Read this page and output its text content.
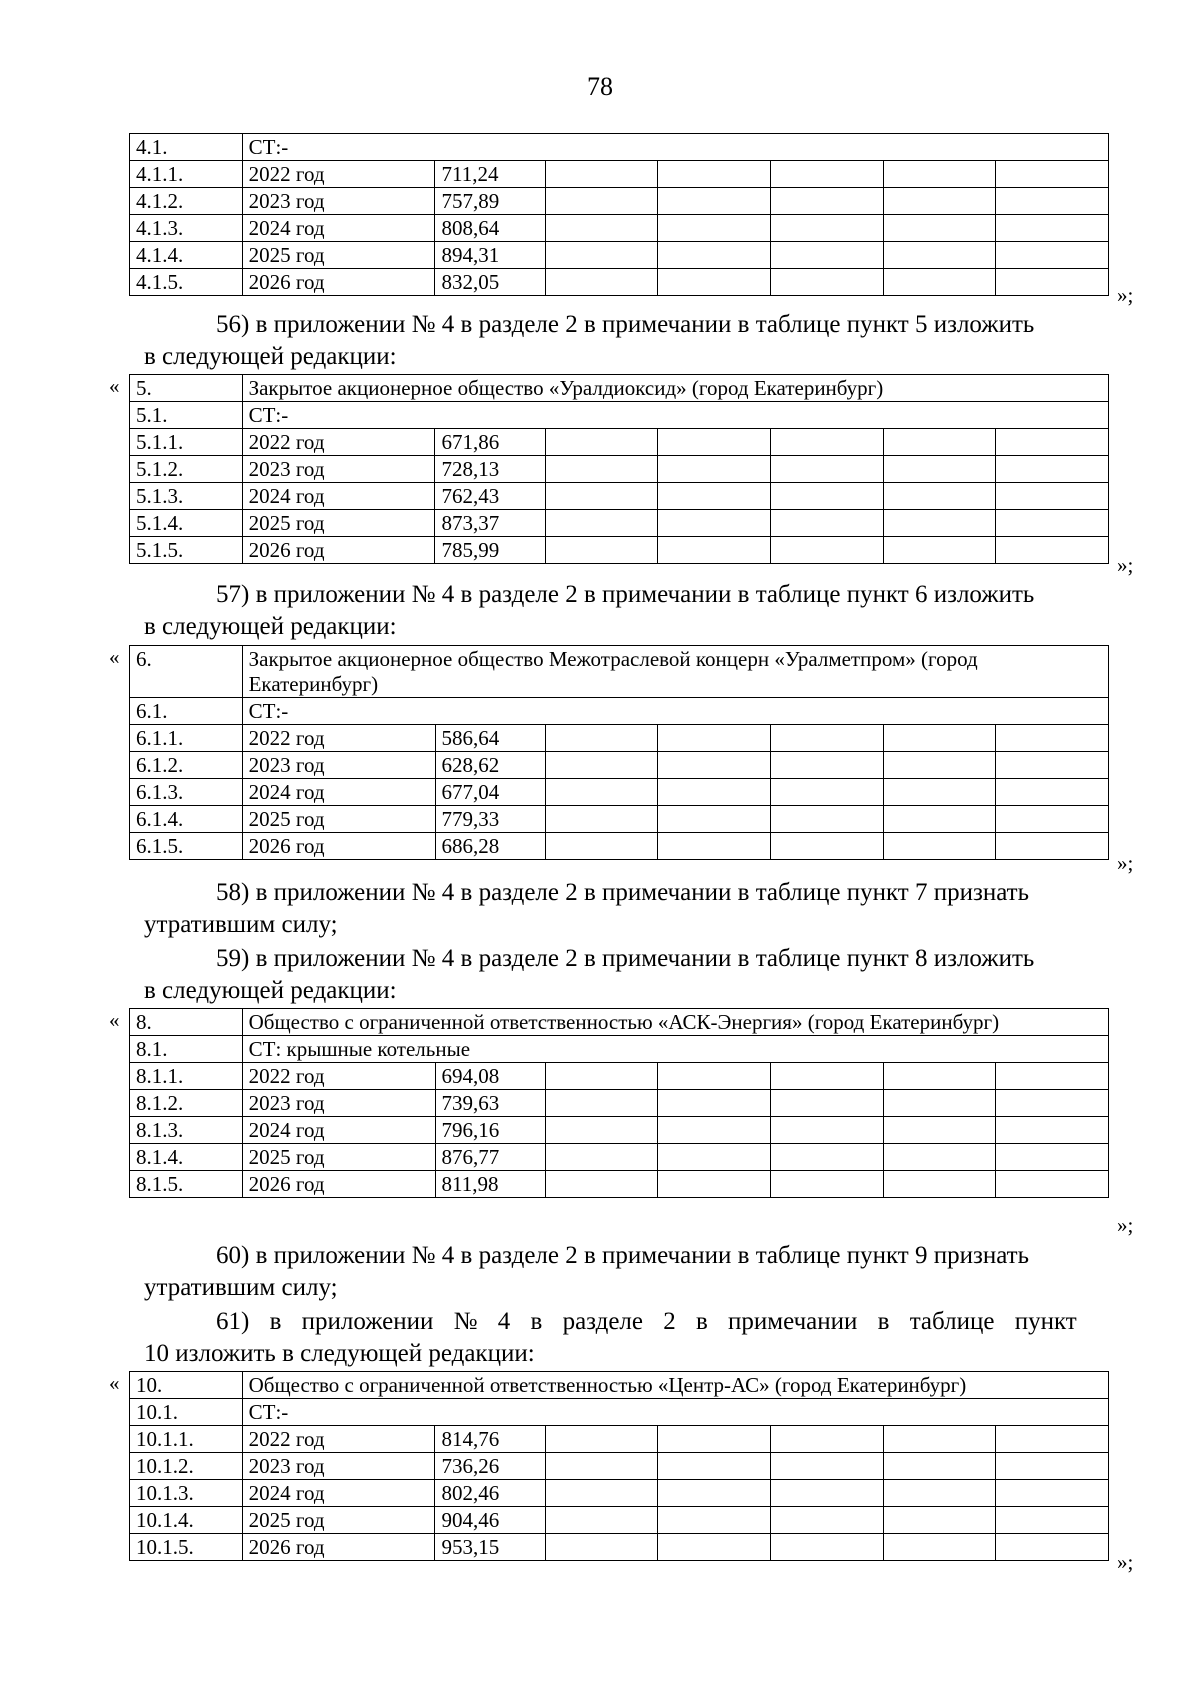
78
4.1.	СТ:-						
4.1.1.	2022 год	711,24					
4.1.2.	2023 год	757,89					
4.1.3.	2024 год	808,64					
4.1.4.	2025 год	894,31					
4.1.5.	2026 год	832,05					
»;
56) в приложении № 4 в разделе 2 в примечании в таблице пункт 5 изложить
в следующей редакции:
« 5.	Закрытое акционерное общество «Уралдиоксид» (город Екатеринбург)						
5.1.	СТ:-						
5.1.1.	2022 год	671,86					
5.1.2.	2023 год	728,13					
5.1.3.	2024 год	762,43					
5.1.4.	2025 год	873,37					
5.1.5.	2026 год	785,99					
»;
57) в приложении № 4 в разделе 2 в примечании в таблице пункт 6 изложить
в следующей редакции:
« 6.	Закрытое акционерное общество Межотраслевой концерн «Уралметпром» (город Екатеринбург)						
6.1.	СТ:-						
6.1.1.	2022 год	586,64					
6.1.2.	2023 год	628,62					
6.1.3.	2024 год	677,04					
6.1.4.	2025 год	779,33					
6.1.5.	2026 год	686,28					
»;
58) в приложении № 4 в разделе 2 в примечании в таблице пункт 7 признать
утратившим силу;
59) в приложении № 4 в разделе 2 в примечании в таблице пункт 8 изложить
в следующей редакции:
« 8.	Общество с ограниченной ответственностью «АСК-Энергия» (город Екатеринбург)						
8.1.	СТ: крышные котельные						
8.1.1.	2022 год	694,08					
8.1.2.	2023 год	739,63					
8.1.3.	2024 год	796,16					
8.1.4.	2025 год	876,77					
8.1.5.	2026 год	811,98					
»;
60) в приложении № 4 в разделе 2 в примечании в таблице пункт 9 признать
утратившим силу;
61) в приложении № 4 в разделе 2 в примечании в таблице пункт
10 изложить в следующей редакции:
« 10.	Общество с ограниченной ответственностью «Центр-АС» (город Екатеринбург)						
10.1.	СТ:-						
10.1.1.	2022 год	814,76					
10.1.2.	2023 год	736,26					
10.1.3.	2024 год	802,46					
10.1.4.	2025 год	904,46					
10.1.5.	2026 год	953,15					
»;
